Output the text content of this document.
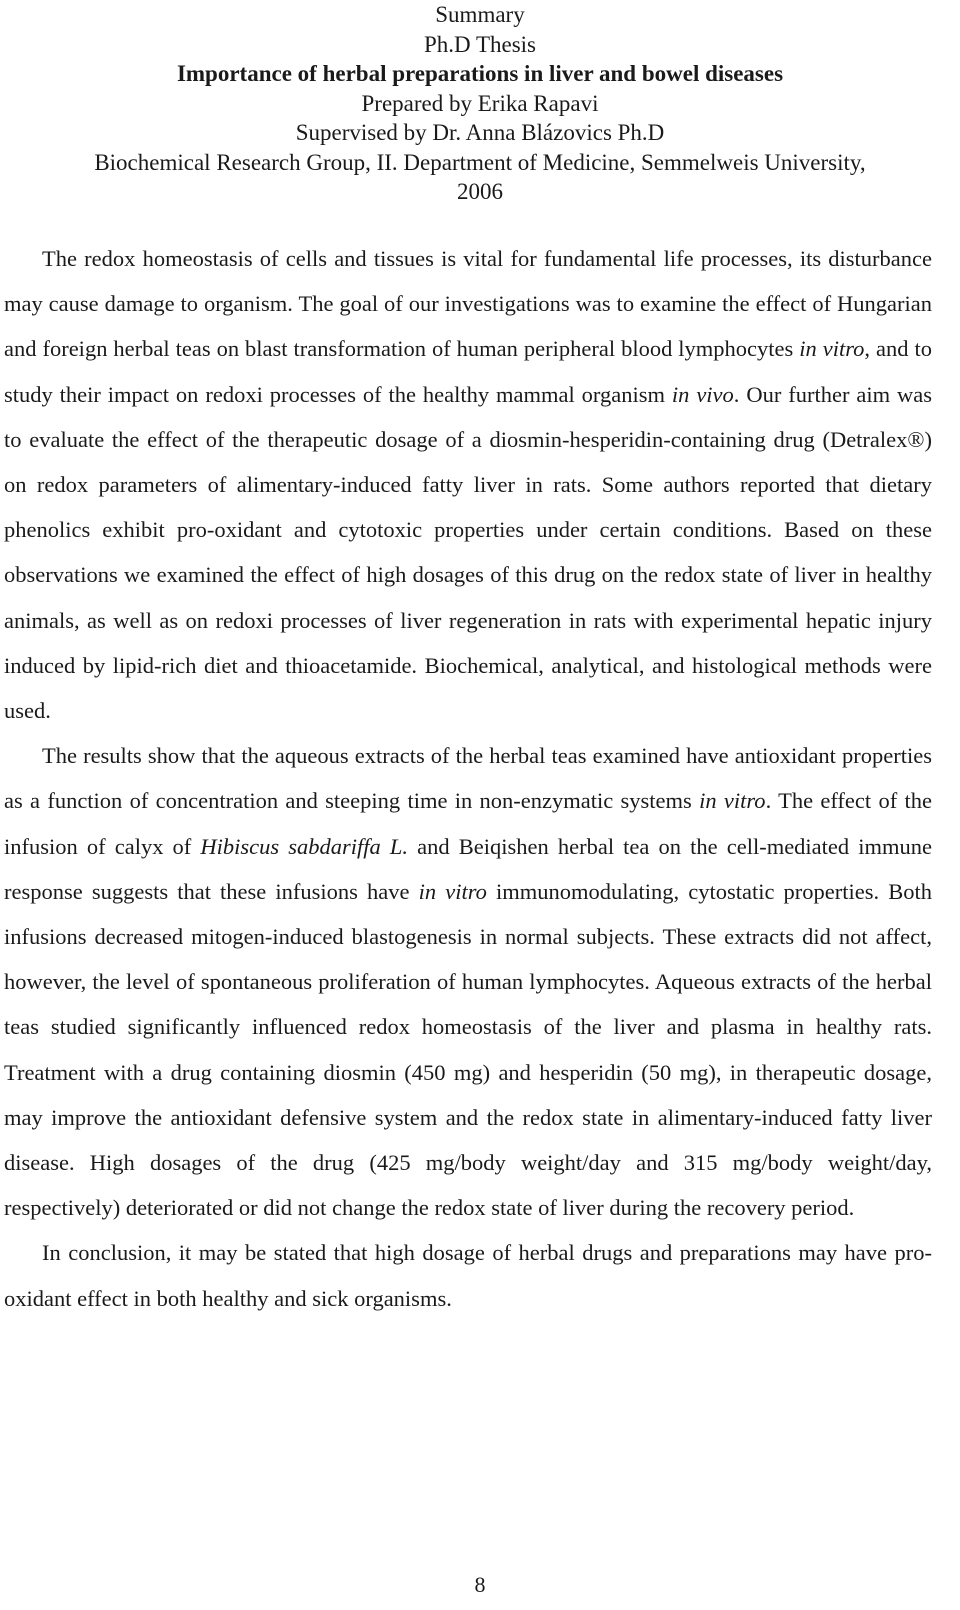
Summary
Ph.D Thesis
Importance of herbal preparations in liver and bowel diseases
Prepared by Erika Rapavi
Supervised by Dr. Anna Blázovics Ph.D
Biochemical Research Group, II. Department of Medicine, Semmelweis University,
2006

The redox homeostasis of cells and tissues is vital for fundamental life processes, its disturbance may cause damage to organism. The goal of our investigations was to examine the effect of Hungarian and foreign herbal teas on blast transformation of human peripheral blood lymphocytes in vitro, and to study their impact on redoxi processes of the healthy mammal organism in vivo. Our further aim was to evaluate the effect of the therapeutic dosage of a diosmin-hesperidin-containing drug (Detralex®) on redox parameters of alimentary-induced fatty liver in rats. Some authors reported that dietary phenolics exhibit pro-oxidant and cytotoxic properties under certain conditions. Based on these observations we examined the effect of high dosages of this drug on the redox state of liver in healthy animals, as well as on redoxi processes of liver regeneration in rats with experimental hepatic injury induced by lipid-rich diet and thioacetamide. Biochemical, analytical, and histological methods were used.

The results show that the aqueous extracts of the herbal teas examined have antioxidant properties as a function of concentration and steeping time in non-enzymatic systems in vitro. The effect of the infusion of calyx of Hibiscus sabdariffa L. and Beiqishen herbal tea on the cell-mediated immune response suggests that these infusions have in vitro immunomodulating, cytostatic properties. Both infusions decreased mitogen-induced blastogenesis in normal subjects. These extracts did not affect, however, the level of spontaneous proliferation of human lymphocytes. Aqueous extracts of the herbal teas studied significantly influenced redox homeostasis of the liver and plasma in healthy rats. Treatment with a drug containing diosmin (450 mg) and hesperidin (50 mg), in therapeutic dosage, may improve the antioxidant defensive system and the redox state in alimentary-induced fatty liver disease. High dosages of the drug (425 mg/body weight/day and 315 mg/body weight/day, respectively) deteriorated or did not change the redox state of liver during the recovery period.

In conclusion, it may be stated that high dosage of herbal drugs and preparations may have pro-oxidant effect in both healthy and sick organisms.

8
